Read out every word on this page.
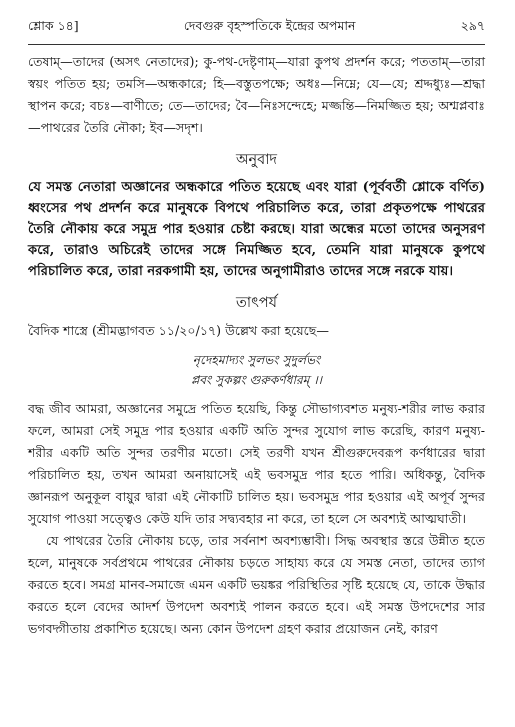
শ্লোক ১৪]	দেবগুরু বৃহস্পতিকে ইন্দ্রের অপমান	২৯৭

তেষাম্—তাদের (অসৎ নেতাদের); কু-পথ-দেষ্টৃণাম্—যারা কুপথ প্রদর্শন করে; পততাম্—তারা স্বয়ং পতিত হয়; তমসি—অন্ধকারে; হি—বস্তুতপক্ষে; অধঃ—নিম্নে; যে—যে; শ্রদ্দধ্যুঃ—শ্রদ্ধা স্থাপন করে; বচঃ—বাণীতে; তে—তাদের; বৈ—নিঃসন্দেহে; মজ্জন্তি—নিমজ্জিত হয়; অশ্মপ্লবাঃ—পাথরের তৈরি নৌকা; ইব—সদৃশ।

অনুবাদ

যে সমস্ত নেতারা অজ্ঞানের অন্ধকারে পতিত হয়েছে এবং যারা (পূর্ববর্তী শ্লোকে বর্ণিত) ধ্বংসের পথ প্রদর্শন করে মানুষকে বিপথে পরিচালিত করে, তারা প্রকৃতপক্ষে পাথরের তৈরি নৌকায় করে সমুদ্র পার হওয়ার চেষ্টা করছে। যারা অন্ধের মতো তাদের অনুসরণ করে, তারাও অচিরেই তাদের সঙ্গে নিমজ্জিত হবে, তেমনি যারা মানুষকে কুপথে পরিচালিত করে, তারা নরকগামী হয়, তাদের অনুগামীরাও তাদের সঙ্গে নরকে যায়।

তাৎপর্য

বৈদিক শাস্ত্রে (শ্রীমদ্ভাগবত ১১/২০/১৭) উল্লেখ করা হয়েছে—

নৃদেহমাদ্যং সুলভং সুদুর্লভং
প্লবং সুকল্পং গুরুকর্ণধারম্ ।।

বদ্ধ জীব আমরা, অজ্ঞানের সমুদ্রে পতিত হয়েছি, কিন্তু সৌভাগ্যবশত মনুষ্য-শরীর লাভ করার ফলে, আমরা সেই সমুদ্র পার হওয়ার একটি অতি সুন্দর সুযোগ লাভ করেছি, কারণ মনুষ্য-শরীর একটি অতি সুন্দর তরণীর মতো। সেই তরণী যখন শ্রীগুরুদেবরূপ কর্ণধারের দ্বারা পরিচালিত হয়, তখন আমরা অনায়াসেই এই ভবসমুদ্র পার হতে পারি। অধিকন্তু, বৈদিক জ্ঞানরূপ অনুকূল বায়ুর দ্বারা এই নৌকাটি চালিত হয়। ভবসমুদ্র পার হওয়ার এই অপূর্ব সুন্দর সুযোগ পাওয়া সত্ত্বেও কেউ যদি তার সদ্ব্যবহার না করে, তা হলে সে অবশ্যই আত্মঘাতী।

যে পাথরের তৈরি নৌকায় চড়ে, তার সর্বনাশ অবশ্যম্ভাবী। সিদ্ধ অবস্থার স্তরে উন্নীত হতে হলে, মানুষকে সর্বপ্রথমে পাথরের নৌকায় চড়তে সাহায্য করে যে সমস্ত নেতা, তাদের ত্যাগ করতে হবে। সমগ্র মানব-সমাজে এমন একটি ভয়ঙ্কর পরিস্থিতির সৃষ্টি হয়েছে যে, তাকে উদ্ধার করতে হলে বেদের আদর্শ উপদেশ অবশ্যই পালন করতে হবে। এই সমস্ত উপদেশের সার ভগবদ্গীতায় প্রকাশিত হয়েছে। অন্য কোন উপদেশ গ্রহণ করার প্রয়োজন নেই, কারণ
